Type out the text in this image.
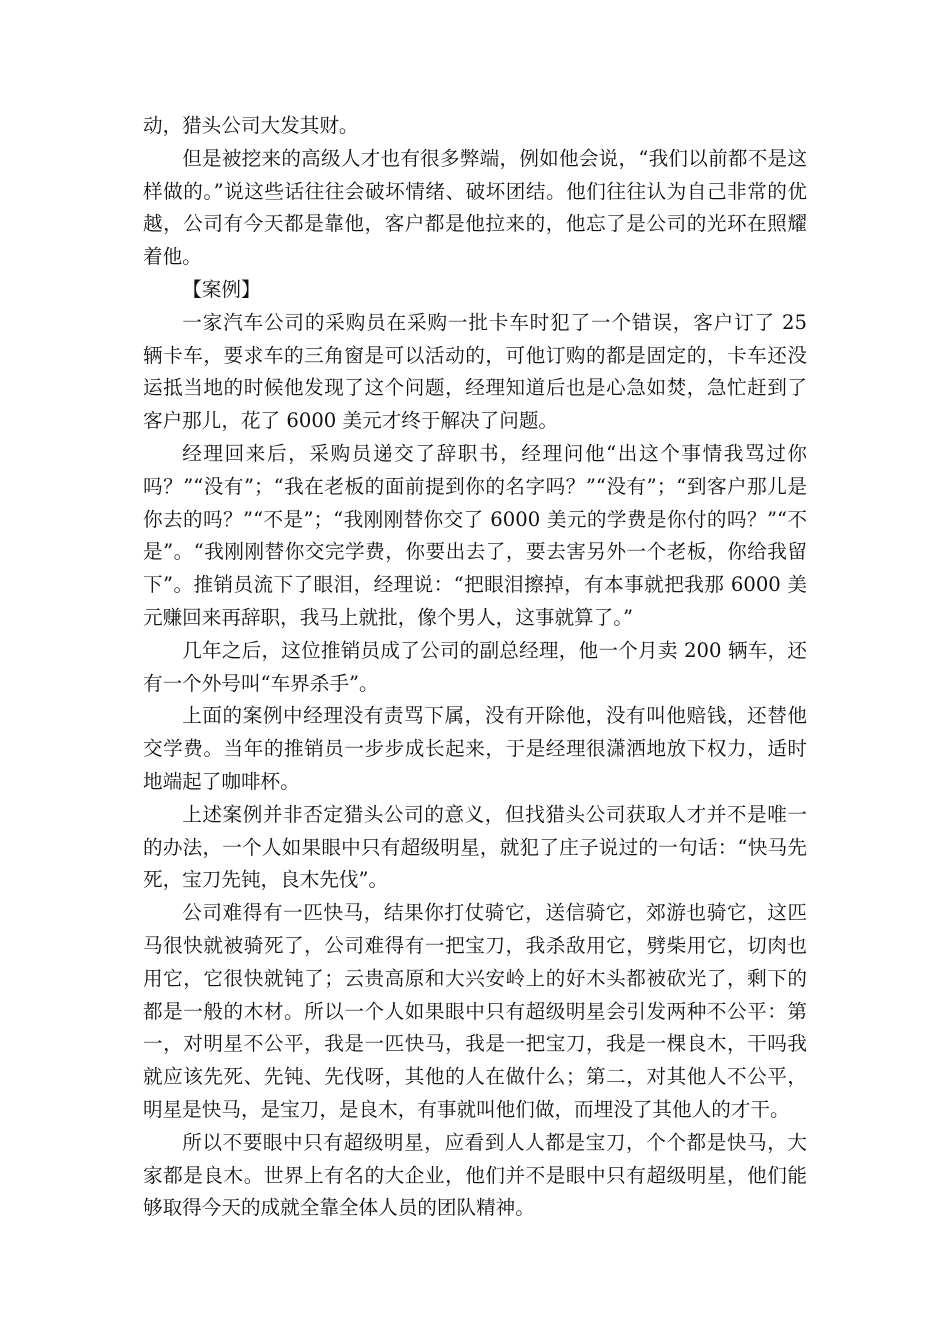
动，猎头公司大发其财。

但是被挖来的高级人才也有很多弊端，例如他会说，“我们以前都不是这样做的。”说这些话往往会破坏情绪、破坏团结。他们往往认为自己非常的优越，公司有今天都是靠他，客户都是他拉来的，他忘了是公司的光环在照耀着他。

【案例】

一家汽车公司的采购员在采购一批卡车时犯了一个错误，客户订了 25 辆卡车，要求车的三角窗是可以活动的，可他订购的都是固定的，卡车还没运抵当地的时候他发现了这个问题，经理知道后也是心急如焚，急忙赶到了客户那儿，花了 6000 美元才终于解决了问题。

经理回来后，采购员递交了辞职书，经理问他“出这个事情我骂过你吗？”“没有”；“我在老板的面前提到你的名字吗？”“没有”；“到客户那儿是你去的吗？”“不是”；“我刚刚替你交了 6000 美元的学费是你付的吗？”“不是”。“我刚刚替你交完学费，你要出去了，要去害另外一个老板，你给我留下”。推销员流下了眼泪，经理说：“把眼泪擦掉，有本事就把我那 6000 美元赚回来再辞职，我马上就批，像个男人，这事就算了。”

几年之后，这位推销员成了公司的副总经理，他一个月卖 200 辆车，还有一个外号叫“车界杀手”。

上面的案例中经理没有责骂下属，没有开除他，没有叫他赔钱，还替他交学费。当年的推销员一步步成长起来，于是经理很潇洒地放下权力，适时地端起了咖啡杯。

上述案例并非否定猎头公司的意义，但找猎头公司获取人才并不是唯一的办法，一个人如果眼中只有超级明星，就犯了庄子说过的一句话：“快马先死，宝刀先钝，良木先伐”。

公司难得有一匹快马，结果你打仗骑它，送信骑它，郊游也骑它，这匹马很快就被骑死了，公司难得有一把宝刀，我杀敌用它，劈柴用它，切肉也用它，它很快就钝了；云贵高原和大兴安岭上的好木头都被砍光了，剩下的都是一般的木材。所以一个人如果眼中只有超级明星会引发两种不公平：第一，对明星不公平，我是一匹快马，我是一把宝刀，我是一棵良木，干吗我就应该先死、先钝、先伐呀，其他的人在做什么；第二，对其他人不公平，明星是快马，是宝刀，是良木，有事就叫他们做，而埋没了其他人的才干。

所以不要眼中只有超级明星，应看到人人都是宝刀，个个都是快马，大家都是良木。世界上有名的大企业，他们并不是眼中只有超级明星，他们能够取得今天的成就全靠全体人员的团队精神。
